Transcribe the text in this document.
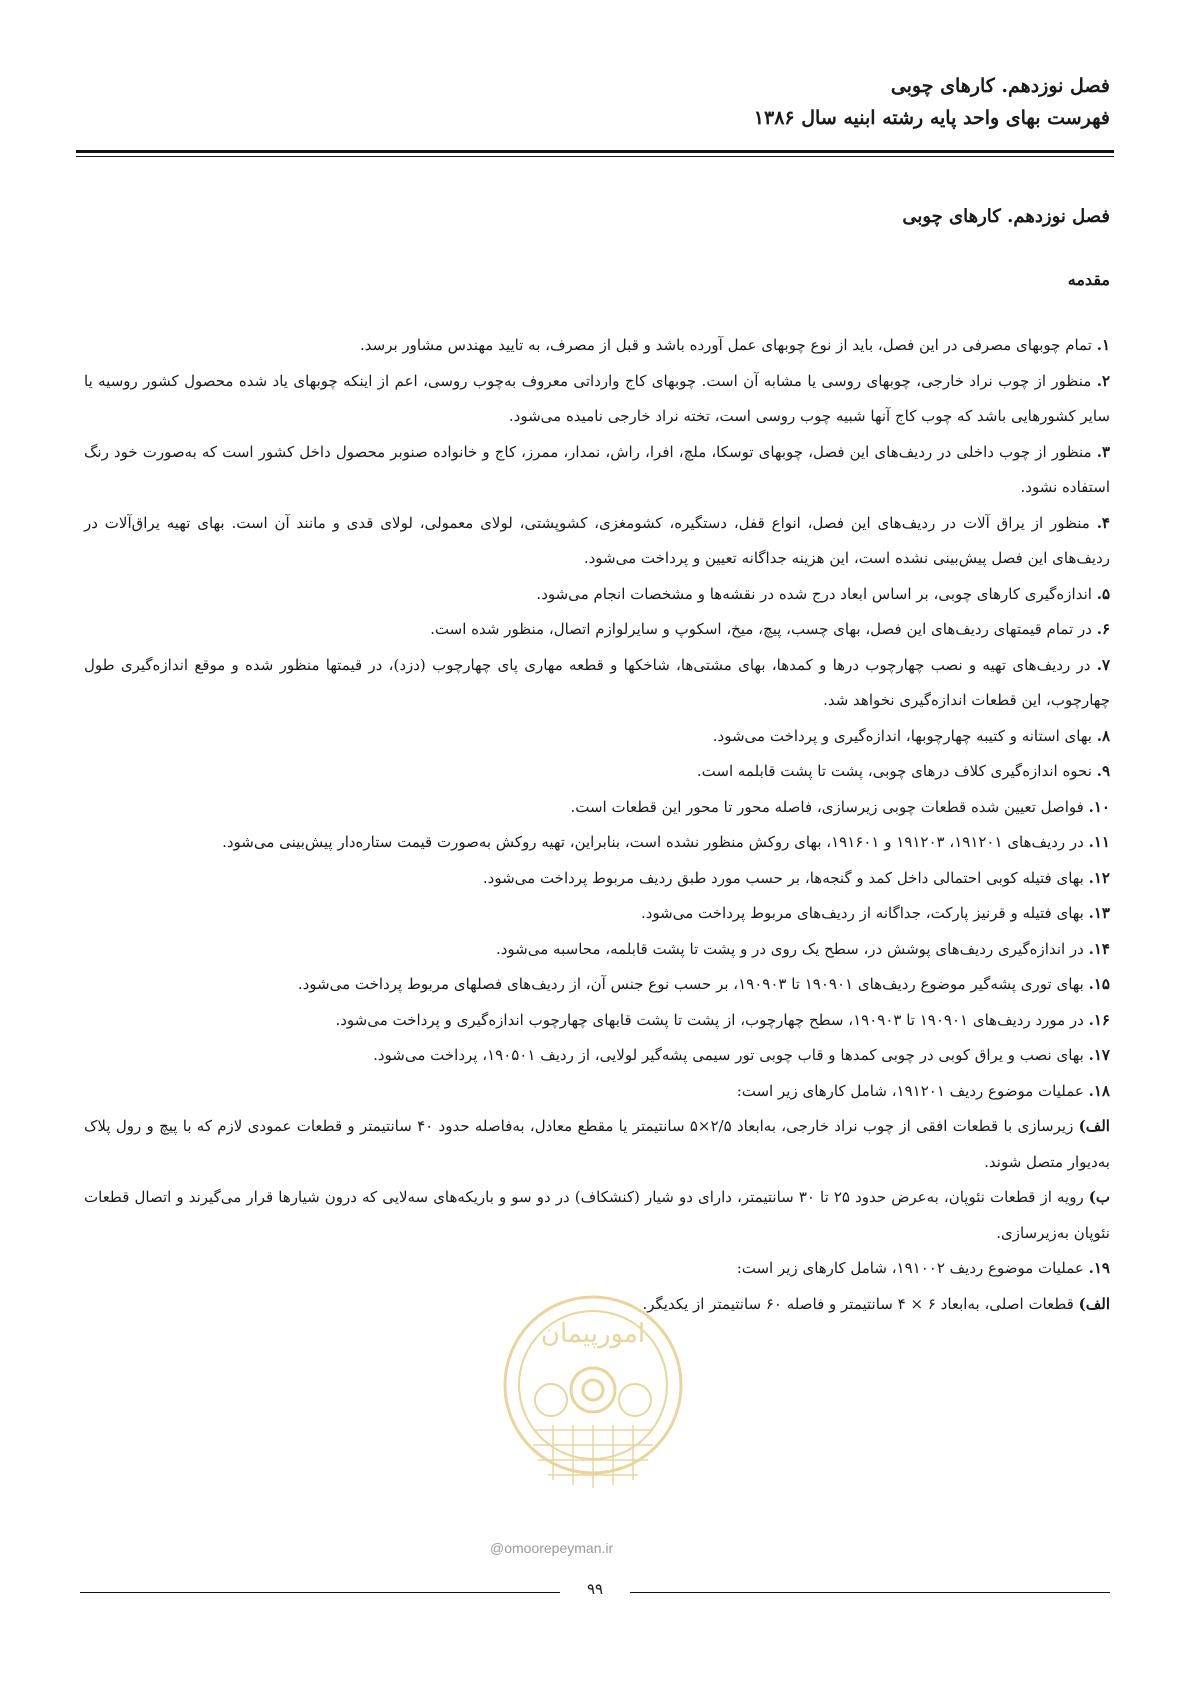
فصل نوزدهم. کارهای چوبی
فهرست بهای واحد پایه رشته ابنیه سال ۱۳۸۶
فصل نوزدهم. کارهای چوبی
مقدمه

۱. تمام چوبهای مصرفی در این فصل، باید از نوع چوبهای عمل آورده باشد و قبل از مصرف، به تایید مهندس مشاور برسد.

۲. منظور از چوب نراد خارجی، چوبهای روسی یا مشابه آن است. چوبهای کاج وارداتی معروف به‌چوب روسی، اعم از اینکه چوبهای یاد شده محصول کشور روسیه یا سایر کشورهایی باشد که چوب کاج آنها شبیه چوب روسی است، تخته نراد خارجی نامیده می‌شود.

۳. منظور از چوب داخلی در ردیف‌های این فصل، چوبهای توسکا، ملچ، افرا، راش، نمدار، ممرز، کاج و خانواده صنوبر محصول داخل کشور است که به‌صورت خود رنگ استفاده نشود.

۴. منظور از یراق آلات در ردیف‌های این فصل، انواع قفل، دستگیره، کشومغزی، کشوپشتی، لولای معمولی، لولای قدی و مانند آن است. بهای تهیه یراق‌آلات در ردیف‌های این فصل پیش‌بینی نشده است، این هزینه جداگانه تعیین و پرداخت می‌شود.

۵. اندازه‌گیری کارهای چوبی، بر اساس ابعاد درج شده در نقشه‌ها و مشخصات انجام می‌شود.

۶. در تمام قیمتهای ردیف‌های این فصل، بهای چسب، پیچ، میخ، اسکوپ و سایرلوازم اتصال، منظور شده است.

۷. در ردیف‌های تهیه و نصب چهارچوب درها و کمدها، بهای مشتی‌ها، شاخکها و قطعه مهاری پای چهارچوب (دزد)، در قیمتها منظور شده و موقع اندازه‌گیری طول چهارچوب، این قطعات اندازه‌گیری نخواهد شد.

۸. بهای استانه و کتیبه چهارچوبها، اندازه‌گیری و پرداخت می‌شود.

۹. نحوه اندازه‌گیری کلاف درهای چوبی، پشت تا پشت قابلمه است.

۱۰. فواصل تعیین شده قطعات چوبی زیرسازی، فاصله محور تا محور این قطعات است.

۱۱. در ردیف‌های ۱۹۱۲۰۱، ۱۹۱۲۰۳ و ۱۹۱۶۰۱، بهای روکش منظور نشده است، بنابراین، تهیه روکش به‌صورت قیمت ستاره‌دار پیش‌بینی می‌شود.

۱۲. بهای فتیله کوبی احتمالی داخل کمد و گنجه‌ها، بر حسب مورد طبق ردیف مربوط پرداخت می‌شود.

۱۳. بهای فتیله و قرنیز پارکت، جداگانه از ردیف‌های مربوط پرداخت می‌شود.

۱۴. در اندازه‌گیری ردیف‌های پوشش در، سطح یک روی در و پشت تا پشت قابلمه، محاسبه می‌شود.

۱۵. بهای توری پشه‌گیر موضوع ردیف‌های ۱۹۰۹۰۱ تا ۱۹۰۹۰۳، بر حسب نوع جنس آن، از ردیف‌های فصلهای مربوط پرداخت می‌شود.

۱۶. در مورد ردیف‌های ۱۹۰۹۰۱ تا ۱۹۰۹۰۳، سطح چهارچوب، از پشت تا پشت قابهای چهارچوب اندازه‌گیری و پرداخت می‌شود.

۱۷. بهای نصب و یراق کوبی در چوبی کمدها و قاب چوبی تور سیمی پشه‌گیر لولایی، از ردیف ۱۹۰۵۰۱، پرداخت می‌شود.

۱۸. عملیات موضوع ردیف ۱۹۱۲۰۱، شامل کارهای زیر است:

الف) زیرسازی با قطعات افقی از چوب نراد خارجی، به‌ابعاد ۲/۵×۵ سانتیمتر یا مقطع معادل، به‌فاصله حدود ۴۰ سانتیمتر و قطعات عمودی لازم که با پیچ و رول پلاک به‌دیوار متصل شوند.

ب) رویه از قطعات نئوپان، به‌عرض حدود ۲۵ تا ۳۰ سانتیمتر، دارای دو شیار (کنشکاف) در دو سو و باریکه‌های سه‌لایی که درون شیارها قرار می‌گیرند و اتصال قطعات نئوپان به‌زیرسازی.

۱۹. عملیات موضوع ردیف ۱۹۱۰۰۲، شامل کارهای زیر است:

الف) قطعات اصلی، به‌ابعاد ۶ × ۴ سانتیمتر و فاصله ۶۰ سانتیمتر از یکدیگر.

امورپیمان
@omoorepeyman.ir
۹۹
